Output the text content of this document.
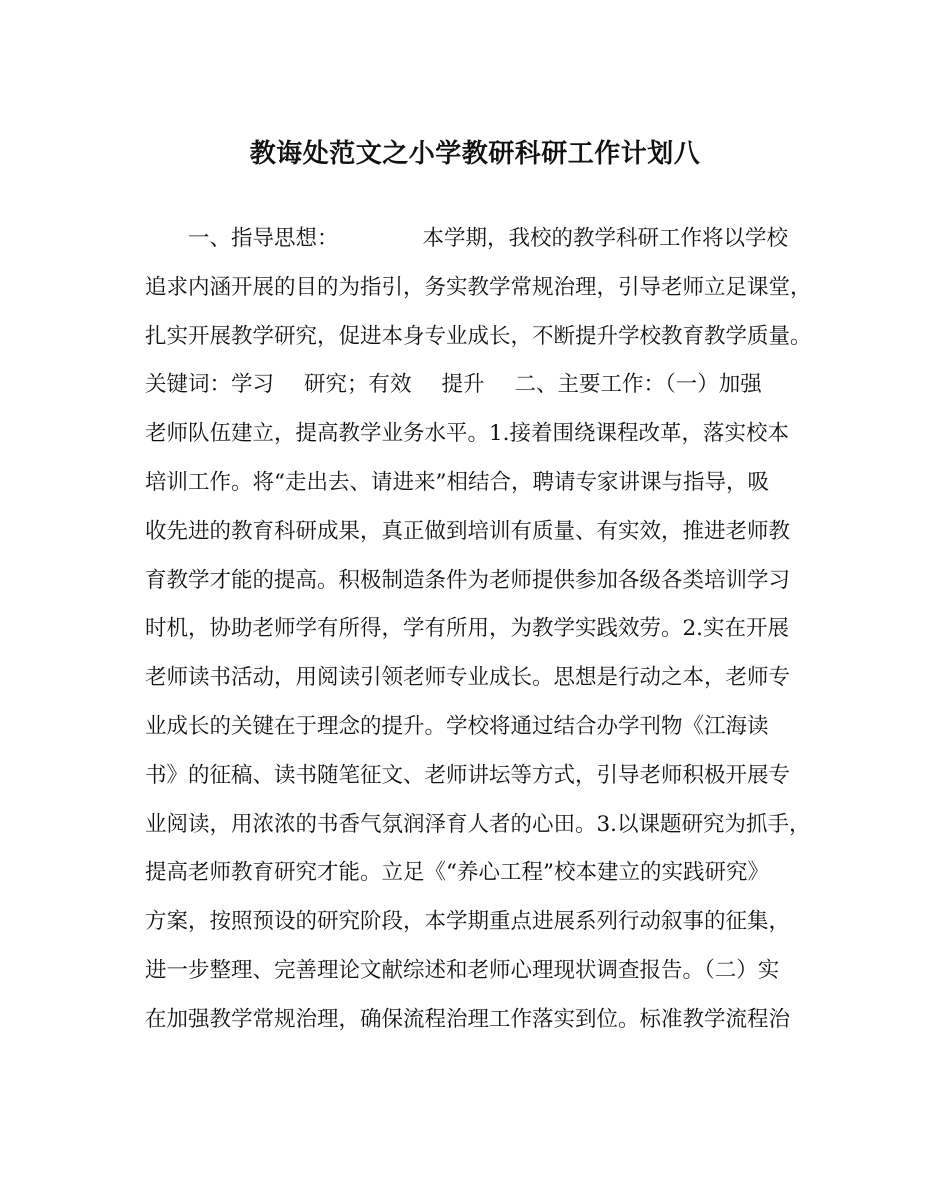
教诲处范文之小学教研科研工作计划八
一、指导思想：	本学期，我校的教学科研工作将以学校
追求内涵开展的目的为指引，务实教学常规治理，引导老师立足课堂，
扎实开展教学研究，促进本身专业成长，不断提升学校教育教学质量。
关键词：学习 研究；有效 提升 二、主要工作：（一）加强
老师队伍建立，提高教学业务水平。1.接着围绕课程改革，落实校本
培训工作。将“走出去、请进来”相结合，聘请专家讲课与指导，吸
收先进的教育科研成果，真正做到培训有质量、有实效，推进老师教
育教学才能的提高。积极制造条件为老师提供参加各级各类培训学习
时机，协助老师学有所得，学有所用，为教学实践效劳。2.实在开展
老师读书活动，用阅读引领老师专业成长。思想是行动之本，老师专
业成长的关键在于理念的提升。学校将通过结合办学刊物《江海读
书》的征稿、读书随笔征文、老师讲坛等方式，引导老师积极开展专
业阅读，用浓浓的书香气氛润泽育人者的心田。3.以课题研究为抓手，
提高老师教育研究才能。立足《“养心工程”校本建立的实践研究》
方案，按照预设的研究阶段，本学期重点进展系列行动叙事的征集，
进一步整理、完善理论文献综述和老师心理现状调查报告。（二）实
在加强教学常规治理，确保流程治理工作落实到位。标准教学流程治
